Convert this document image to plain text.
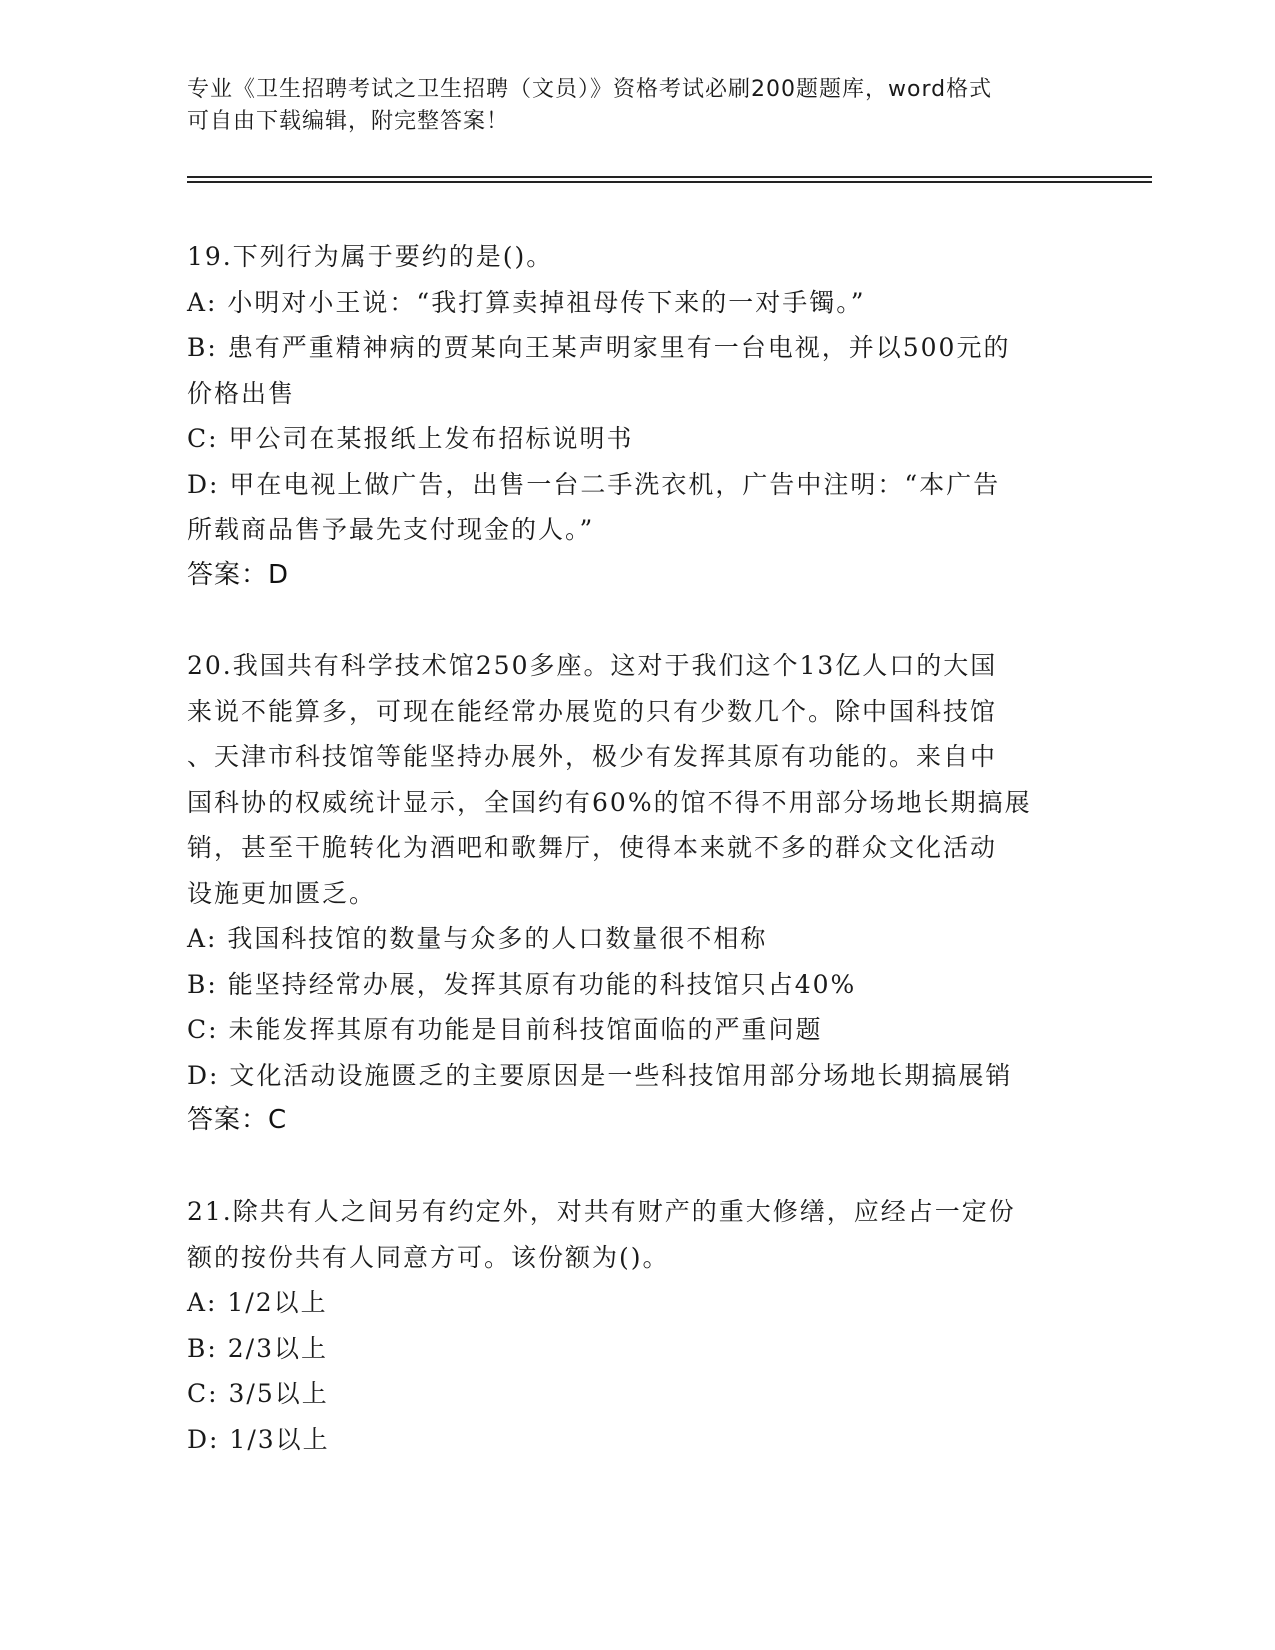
专业《卫生招聘考试之卫生招聘（文员）》资格考试必刷200题题库，word格式
可自由下载编辑，附完整答案！
19.下列行为属于要约的是()。
A: 小明对小王说：“我打算卖掉祖母传下来的一对手镯。”
B: 患有严重精神病的贾某向王某声明家里有一台电视，并以500元的
价格出售
C: 甲公司在某报纸上发布招标说明书
D: 甲在电视上做广告，出售一台二手洗衣机，广告中注明：“本广告
所载商品售予最先支付现金的人。”
答案：D
20.我国共有科学技术馆250多座。这对于我们这个13亿人口的大国
来说不能算多，可现在能经常办展览的只有少数几个。除中国科技馆
、天津市科技馆等能坚持办展外，极少有发挥其原有功能的。来自中
国科协的权威统计显示，全国约有60%的馆不得不用部分场地长期搞展
销，甚至干脆转化为酒吧和歌舞厅，使得本来就不多的群众文化活动
设施更加匮乏。
A: 我国科技馆的数量与众多的人口数量很不相称
B: 能坚持经常办展，发挥其原有功能的科技馆只占40%
C: 未能发挥其原有功能是目前科技馆面临的严重问题
D: 文化活动设施匮乏的主要原因是一些科技馆用部分场地长期搞展销
答案：C
21.除共有人之间另有约定外，对共有财产的重大修缮，应经占一定份
额的按份共有人同意方可。该份额为()。
A: 1/2以上
B: 2/3以上
C: 3/5以上
D: 1/3以上
